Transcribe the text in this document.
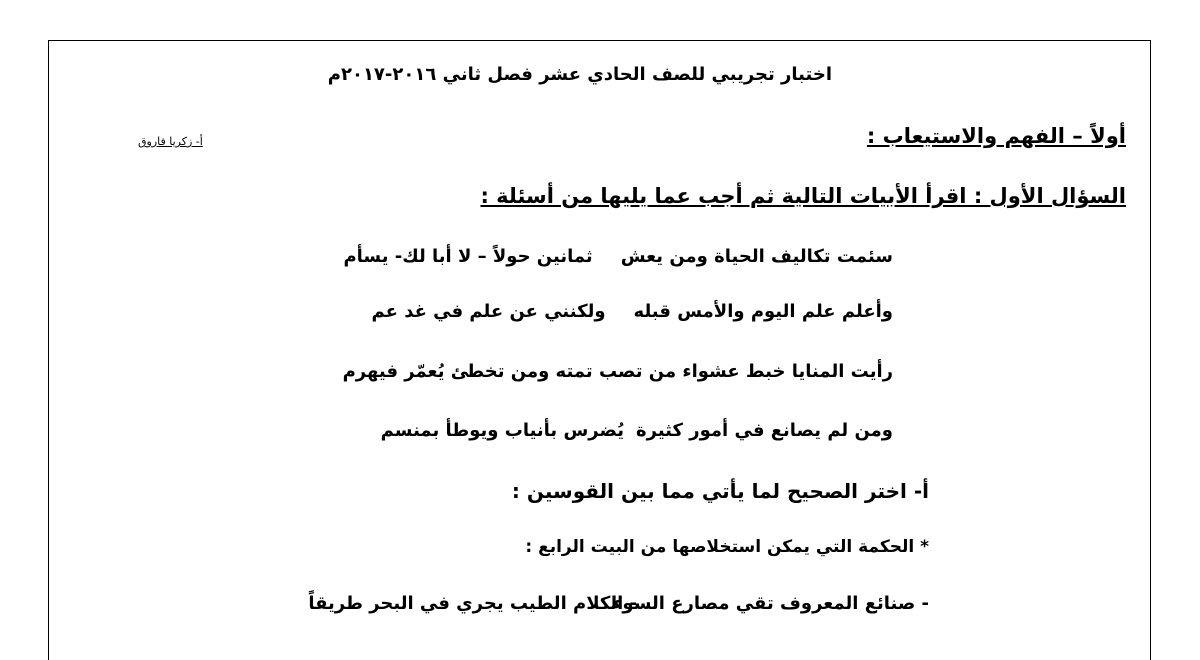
اختبار تجريبي للصف الحادي عشر فصل ثاني ٢٠١٦-٢٠١٧م
أ- زكريا فاروق	أولاً – الفهم والاستيعاب :
السؤال الأول : اقرأ الأبيات التالية ثم أجب عما يليها من أسئلة :
سئمت تكاليف الحياة ومن يعشثمانين حولاً – لا أبا لك- يسأم
وأعلم علم اليوم والأمس قبلهولكنني عن علم في غد عم
رأيت المنايا خبط عشواء من تصب تمته ومن تخطئ يُعمّر فيهرم
ومن لم يصانع في أمور كثيرةيُضرس بأنياب ويوطأ بمنسم
أ- اختر الصحيح لما يأتي مما بين القوسين :
* الحكمة التي يمكن استخلاصها من البيت الرابع :
- صنائع المعروف تقي مصارع السوء
- الكلام الطيب يجري في البحر طريقاً
